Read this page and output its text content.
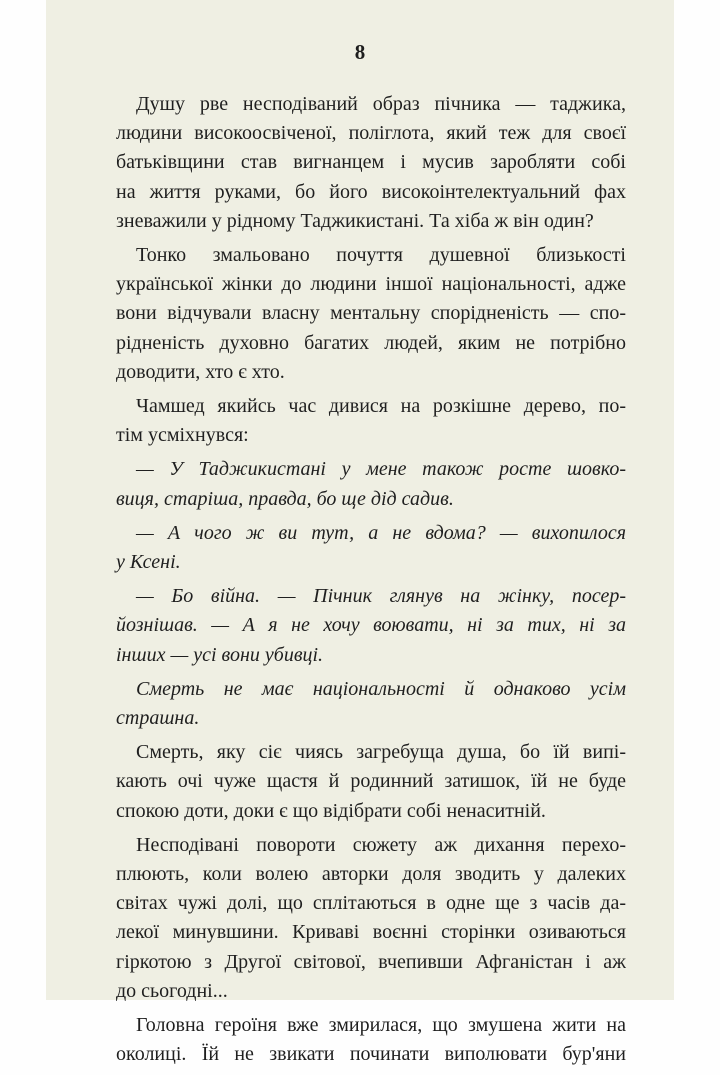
8

Душу рве несподіваний образ пічника — таджика,
людини високоосвіченої, поліглота, який теж для своєї
батьківщини став вигнанцем і мусив заробляти собі
на життя руками, бо його високоінтелектуальний фах
зневажили у рідному Таджикистані. Та хіба ж він один?

Тонко змальовано почуття душевної близькості
української жінки до людини іншої національності, адже
вони відчували власну ментальну спорідненість — спо-
рідненість духовно багатих людей, яким не потрібно
доводити, хто є хто.

Чамшед якийсь час дивися на розкішне дерево, по-
тім усміхнувся:

— У Таджикистані у мене також росте шовко-
виця, старіша, правда, бо ще дід садив.

— А чого ж ви тут, а не вдома? — вихопилося
у Ксені.

— Бо війна. — Пічник глянув на жінку, посер-
йознішав. — А я не хочу воювати, ні за тих, ні за
інших — усі вони убивці.

Смерть не має національності й однаково усім
страшна.

Смерть, яку сіє чиясь загребуща душа, бо їй випі-
кають очі чуже щастя й родинний затишок, їй не буде
спокою доти, доки є що відібрати собі ненаситній.

Несподівані повороти сюжету аж дихання перехо-
плюють, коли волею авторки доля зводить у далеких
світах чужі долі, що сплітаються в одне ще з часів да-
лекої минувшини. Криваві воєнні сторінки озиваються
гіркотою з Другої світової, вчепивши Афганістан і аж
до сьогодні...

Головна героїня вже змирилася, що змушена жити на
околиці. Їй не звикати починати виполювати бур'яни
